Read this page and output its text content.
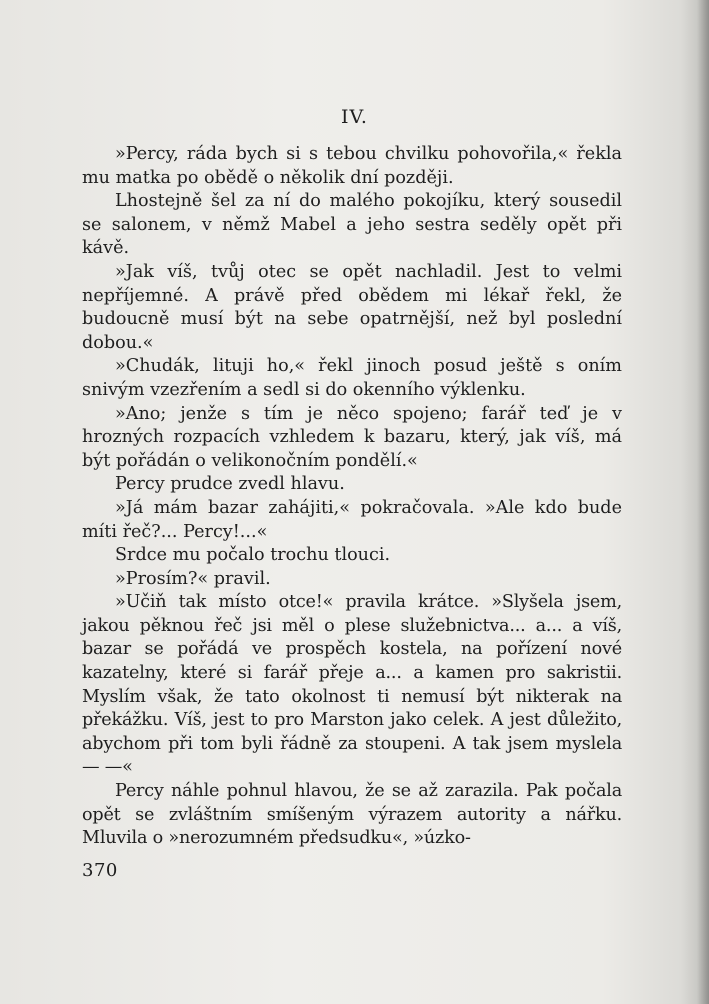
IV.

»Percy, ráda bych si s tebou chvilku pohovořila,« řekla mu matka po obědě o několik dní později.

Lhostejně šel za ní do malého pokojíku, který sousedil se salonem, v němž Mabel a jeho sestra seděly opět při kávě.

»Jak víš, tvůj otec se opět nachladil. Jest to velmi nepříjemné. A právě před obědem mi lékař řekl, že budoucně musí být na sebe opatrnější, než byl poslední dobou.«

»Chudák, lituji ho,« řekl jinoch posud ještě s oním snivým vzezřením a sedl si do okenního výklenku.

»Ano; jenže s tím je něco spojeno; farář teď je v hrozných rozpacích vzhledem k bazaru, který, jak víš, má být pořádán o velikonočním pondělí.«

Percy prudce zvedl hlavu.

»Já mám bazar zahájiti,« pokračovala. »Ale kdo bude míti řeč?... Percy!...«

Srdce mu počalo trochu tlouci.

»Prosím?« pravil.

»Učiň tak místo otce!« pravila krátce. »Slyšela jsem, jakou pěknou řeč jsi měl o plese služebnictva... a... a víš, bazar se pořádá ve prospěch kostela, na pořízení nové kazatelny, které si farář přeje a... a kamen pro sakristii. Myslím však, že tato okolnost ti nemusí být nikterak na překážku. Víš, jest to pro Marston jako celek. A jest důležito, abychom při tom byli řádně za stoupeni. A tak jsem myslela — —«

Percy náhle pohnul hlavou, že se až zarazila. Pak počala opět se zvláštním smíšeným výrazem autority a nářku. Mluvila o »nerozumném předsudku«, »úzko-

370
